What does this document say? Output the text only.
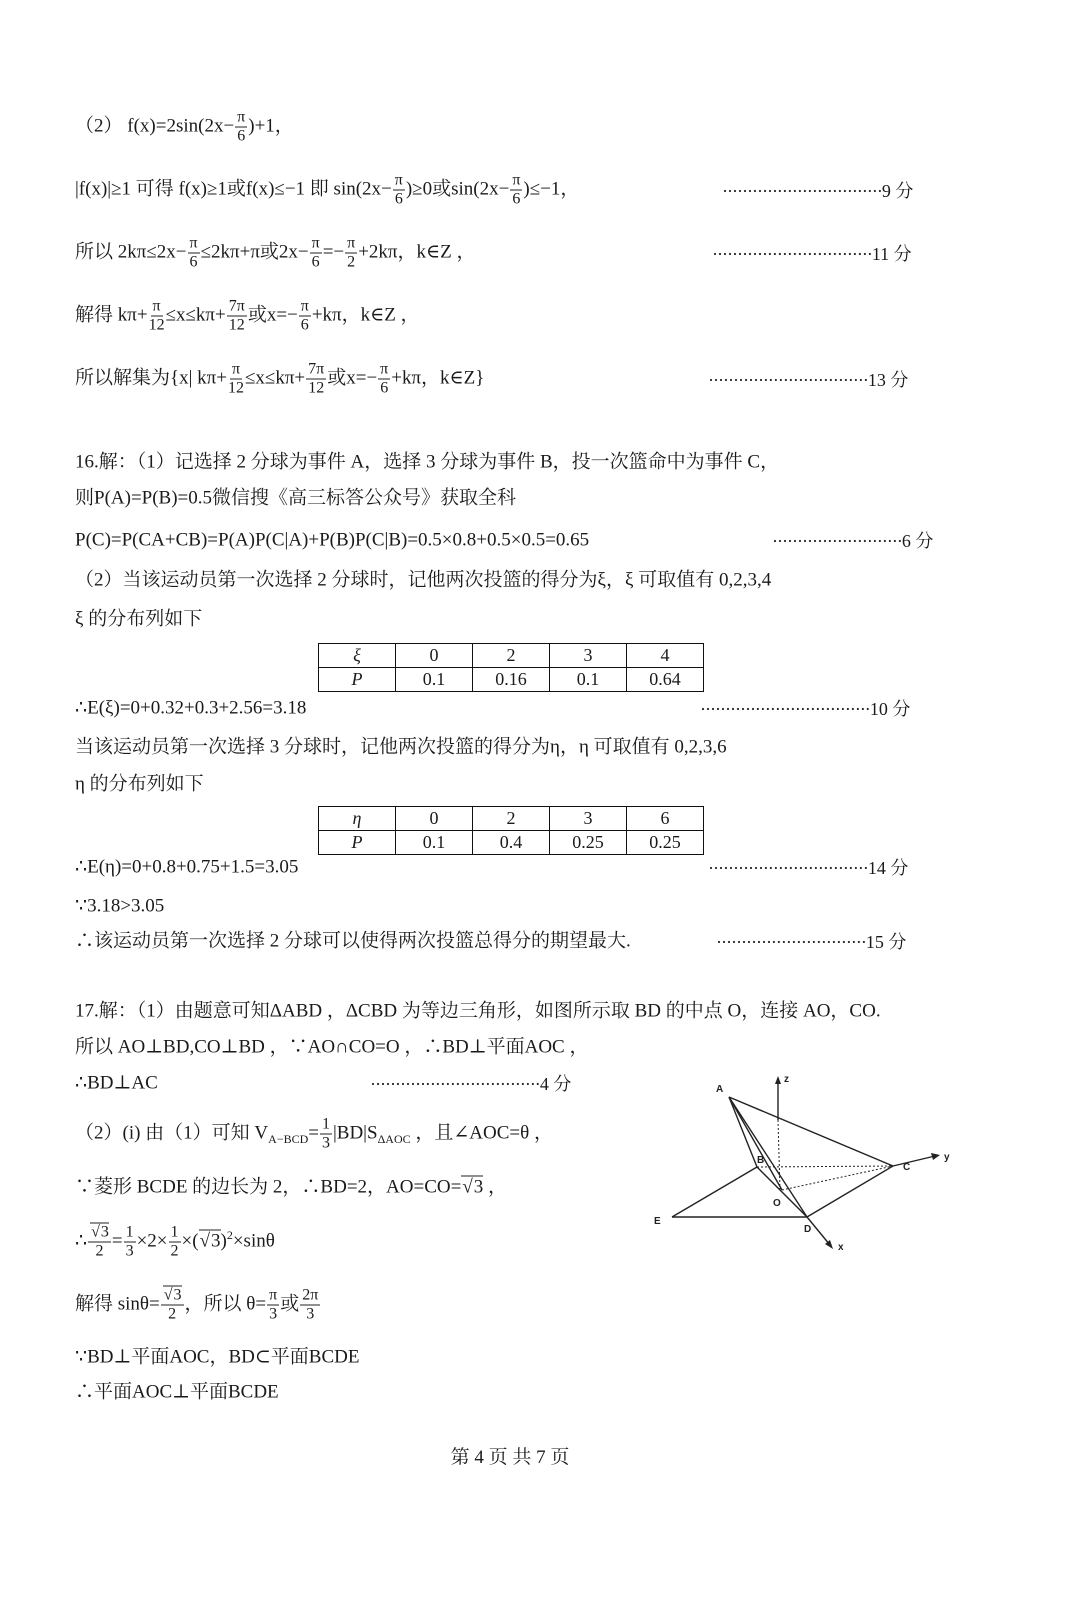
（2） $f(x)=2\sin(2x- \frac{\pi}{6} )+1$，
|f(x)|≥1 可得 f(x)≥1或f(x)≤−1 即 $\sin(2x- \frac{\pi}{6} )\ge 0$或$\sin(2x- \frac{\pi}{6} )\le-1$，	································9 分
所以 $2k\pi\le 2x- \frac{\pi}{6} \le 2k\pi+\pi$或$2x- \frac{\pi}{6} =- \frac{\pi}{2} +2k\pi$，k∈Z ，	································11 分
解得 $k\pi+ \frac{\pi}{12} \le x\le k\pi+ \frac{7\pi}{12}$ 或$x=- \frac{\pi}{6} +k\pi$，k∈Z ，
所以解集为{x| $k\pi+ \frac{\pi}{12} \le x\le k\pi+ \frac{7\pi}{12}$ 或$x=- \frac{\pi}{6} +k\pi$，k∈Z}	································13 分
16.解：（1）记选择 2 分球为事件 A，选择 3 分球为事件 B，投一次篮命中为事件 C，
则P(A)=P(B)=0.5微信搜《高三标答公众号》获取全科
P(C)=P(CA+CB)=P(A)P(C|A)+P(B)P(C|B)=0.5×0.8+0.5×0.5=0.65	··························6 分
（2）当该运动员第一次选择 2 分球时，记他两次投篮的得分为ξ，ξ 可取值有 0,2,3,4
ξ 的分布列如下
ξ	0	2	3	4
P	0.1	0.16	0.1	0.64
∴E(ξ)=0+0.32+0.3+2.56=3.18	··································10 分
当该运动员第一次选择 3 分球时，记他两次投篮的得分为η，η 可取值有 0,2,3,6
η 的分布列如下
η	0	2	3	6
P	0.1	0.4	0.25	0.25
∴E(η)=0+0.8+0.75+1.5=3.05	································14 分
∵3.18>3.05
∴该运动员第一次选择 2 分球可以使得两次投篮总得分的期望最大.	······························15 分
17.解：（1）由题意可知ΔABD ，ΔCBD 为等边三角形，如图所示取 BD 的中点 O，连接 AO，CO.
所以 AO⊥BD,CO⊥BD ，∵AO∩CO=O ，∴BD⊥平面AOC ，
∴BD⊥AC	··································4 分
（2）(i) 由（1）可知 $V_{A-BCD}= \frac{1}{3} |BD|S_{\Delta AOC}$ ，且∠AOC=θ ，
∵菱形 BCDE 的边长为 2，∴BD=2，AO=CO= √ 3 ，
∴ √ $\frac{3}{2} = \frac{1}{3} \times 2\times \frac{1}{2}$ ×( √ 3)$^2$×sinθ
解得 sinθ= √ $\frac{3}{2}$ ，所以 $\theta= \frac{\pi}{3}$ 或 $\frac{2\pi}{3}$
∵BD⊥平面AOC，BD⊂平面BCDE
∴平面AOC⊥平面BCDE
A
B
C
D
E
O
x
y
z
第 4 页 共 7 页
